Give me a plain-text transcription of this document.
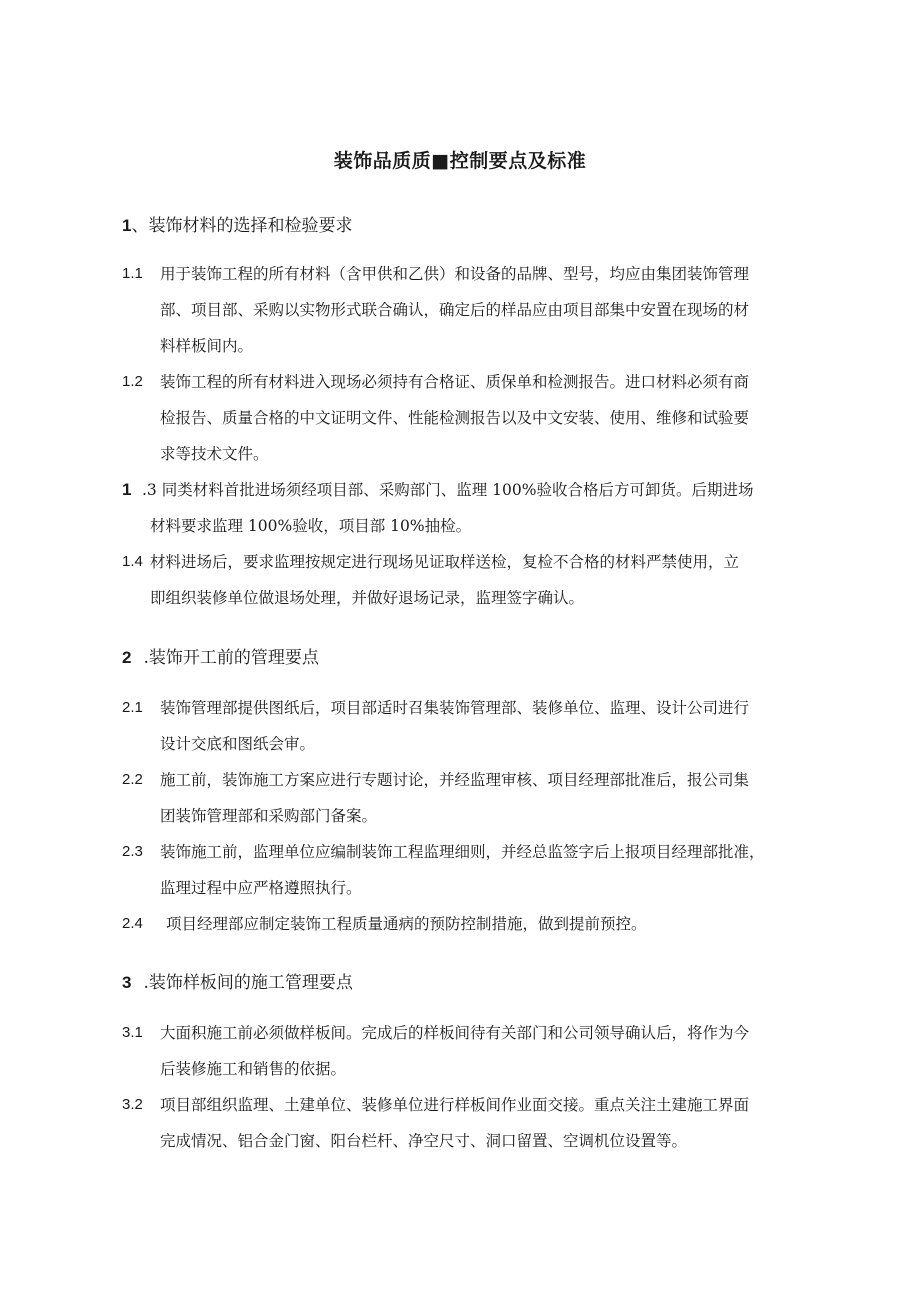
装饰品质质■控制要点及标准
1、装饰材料的选择和检验要求
1.1 用于装饰工程的所有材料（含甲供和乙供）和设备的品牌、型号，均应由集团装饰管理
部、项目部、采购以实物形式联合确认，确定后的样品应由项目部集中安置在现场的材
料样板间内。
1.2 装饰工程的所有材料进入现场必须持有合格证、质保单和检测报告。进口材料必须有商
检报告、质量合格的中文证明文件、性能检测报告以及中文安装、使用、维修和试验要
求等技术文件。
1 .3 同类材料首批进场须经项目部、采购部门、监理 100%验收合格后方可卸货。后期进场
材料要求监理 100%验收，项目部 10%抽检。
1.4 材料进场后，要求监理按规定进行现场见证取样送检，复检不合格的材料严禁使用，立
即组织装修单位做退场处理，并做好退场记录，监理签字确认。
2 .装饰开工前的管理要点
2.1 装饰管理部提供图纸后，项目部适时召集装饰管理部、装修单位、监理、设计公司进行
设计交底和图纸会审。
2.2 施工前，装饰施工方案应进行专题讨论，并经监理审核、项目经理部批准后，报公司集
团装饰管理部和采购部门备案。
2.3 装饰施工前，监理单位应编制装饰工程监理细则，并经总监签字后上报项目经理部批准，
监理过程中应严格遵照执行。
2.4 项目经理部应制定装饰工程质量通病的预防控制措施，做到提前预控。
3 .装饰样板间的施工管理要点
3.1 大面积施工前必须做样板间。完成后的样板间待有关部门和公司领导确认后，将作为今
后装修施工和销售的依据。
3.2 项目部组织监理、土建单位、装修单位进行样板间作业面交接。重点关注土建施工界面
完成情况、铝合金门窗、阳台栏杆、净空尺寸、洞口留置、空调机位设置等。
